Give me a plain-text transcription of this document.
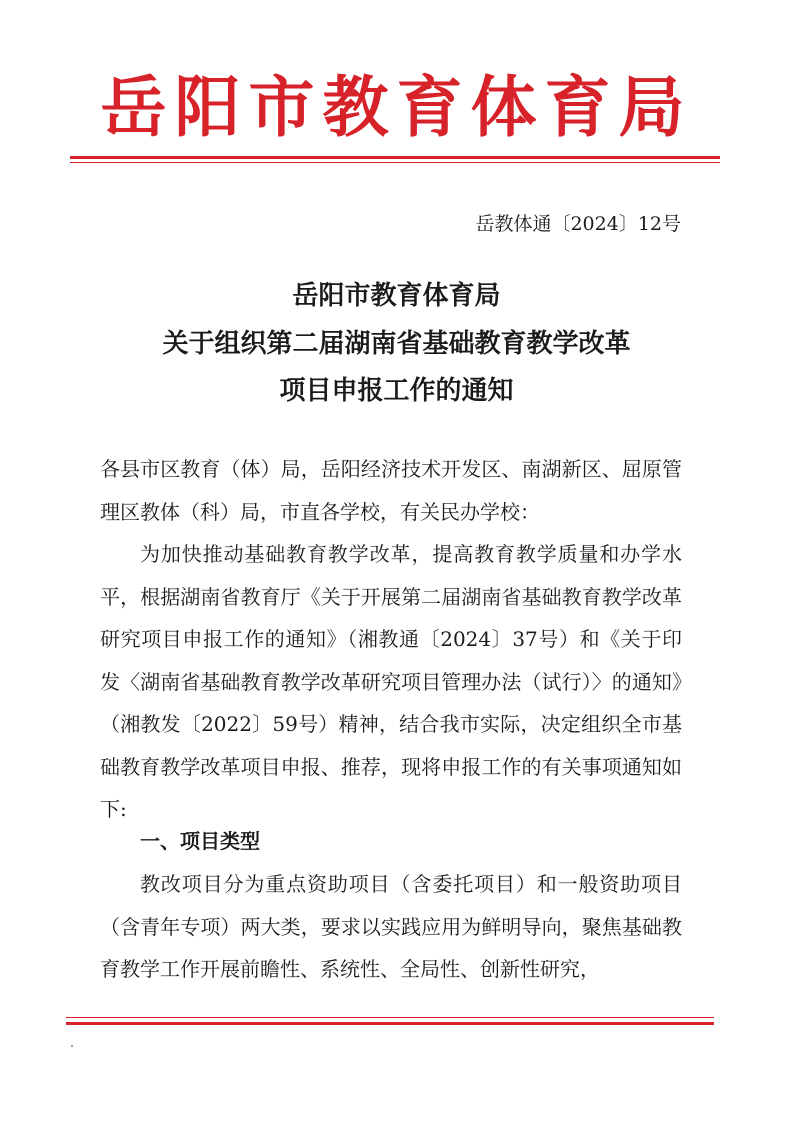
岳阳市教育体育局
岳教体通〔2024〕12号
岳阳市教育体育局
关于组织第二届湖南省基础教育教学改革
项目申报工作的通知
各县市区教育（体）局，岳阳经济技术开发区、南湖新区、屈原管理区教体（科）局，市直各学校，有关民办学校：
为加快推动基础教育教学改革，提高教育教学质量和办学水平，根据湖南省教育厅《关于开展第二届湖南省基础教育教学改革研究项目申报工作的通知》（湘教通〔2024〕37号）和《关于印发〈湖南省基础教育教学改革研究项目管理办法（试行）〉的通知》（湘教发〔2022〕59号）精神，结合我市实际，决定组织全市基础教育教学改革项目申报、推荐，现将申报工作的有关事项通知如下:
一、项目类型
教改项目分为重点资助项目（含委托项目）和一般资助项目（含青年专项）两大类，要求以实践应用为鲜明导向，聚焦基础教育教学工作开展前瞻性、系统性、全局性、创新性研究，
